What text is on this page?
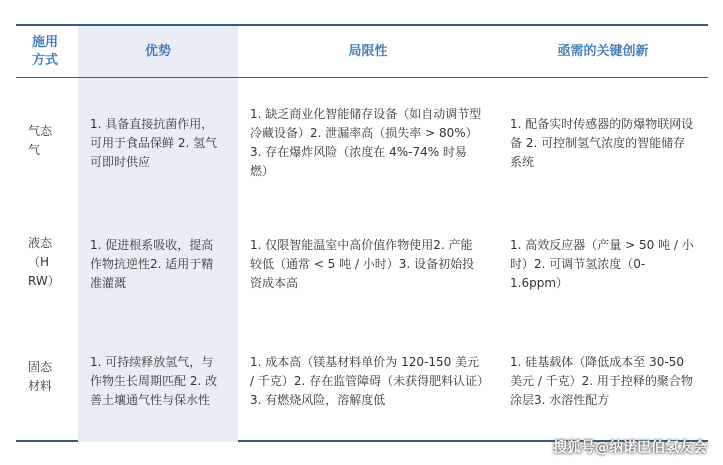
施用方式
优势	局限性	亟需的关键创新
气态气
1. 具备直接抗菌作用，可用于食品保鲜 2. 氢气可即时供应
1. 缺乏商业化智能储存设备（如自动调节型冷藏设备）2. 泄漏率高（损失率 > 80%）3. 存在爆炸风险（浓度在 4%-74% 时易燃）
1. 配备实时传感器的防爆物联网设备 2. 可控制氢气浓度的智能储存系统
液态（HRW）
1. 促进根系吸收，提高作物抗逆性2. 适用于精准灌溉
1. 仅限智能温室中高价值作物使用2. 产能较低（通常 < 5 吨 / 小时）3. 设备初始投资成本高
1. 高效反应器（产量 > 50 吨 / 小时）2. 可调节氢浓度（0-1.6ppm）
固态材料
1. 可持续释放氢气，与作物生长周期匹配 2. 改善土壤通气性与保水性
1. 成本高（镁基材料单价为 120-150 美元 / 千克）2. 存在监管障碍（未获得肥料认证）3. 有燃烧风险，溶解度低
1. 硅基载体（降低成本至 30-50 美元 / 千克）2. 用于控释的聚合物涂层3. 水溶性配方
搜狐号@纳诺巴伯氢友会
